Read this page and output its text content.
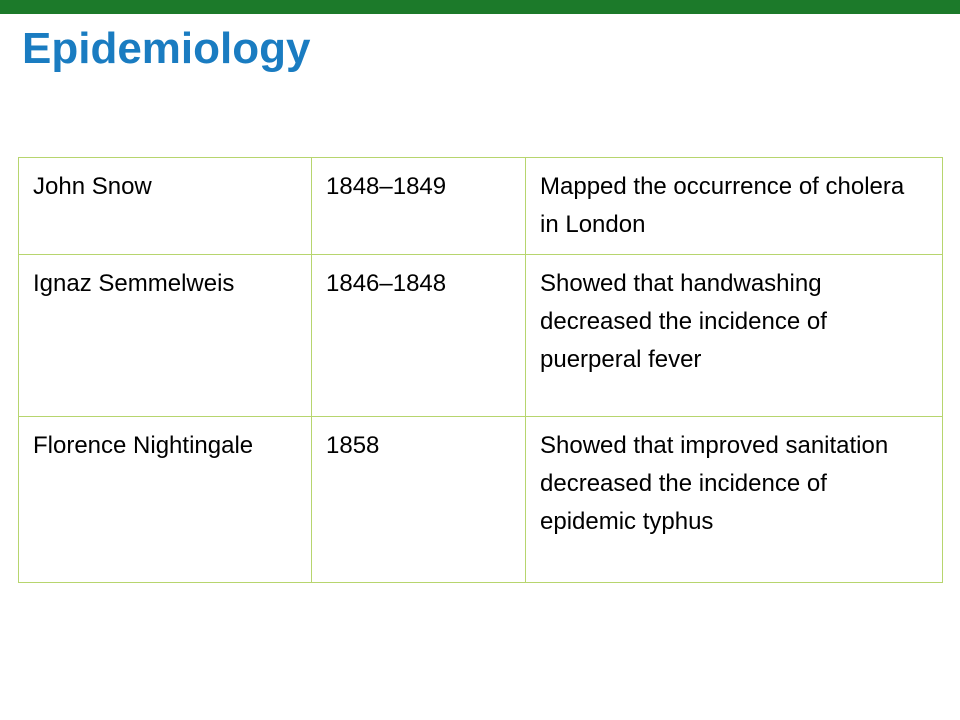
Epidemiology
John Snow	1848–1849	Mapped the occurrence of cholera in London
Ignaz Semmelweis	1846–1848	Showed that handwashing decreased the incidence of puerperal fever
Florence Nightingale	1858	Showed that improved sanitation decreased the incidence of epidemic typhus
